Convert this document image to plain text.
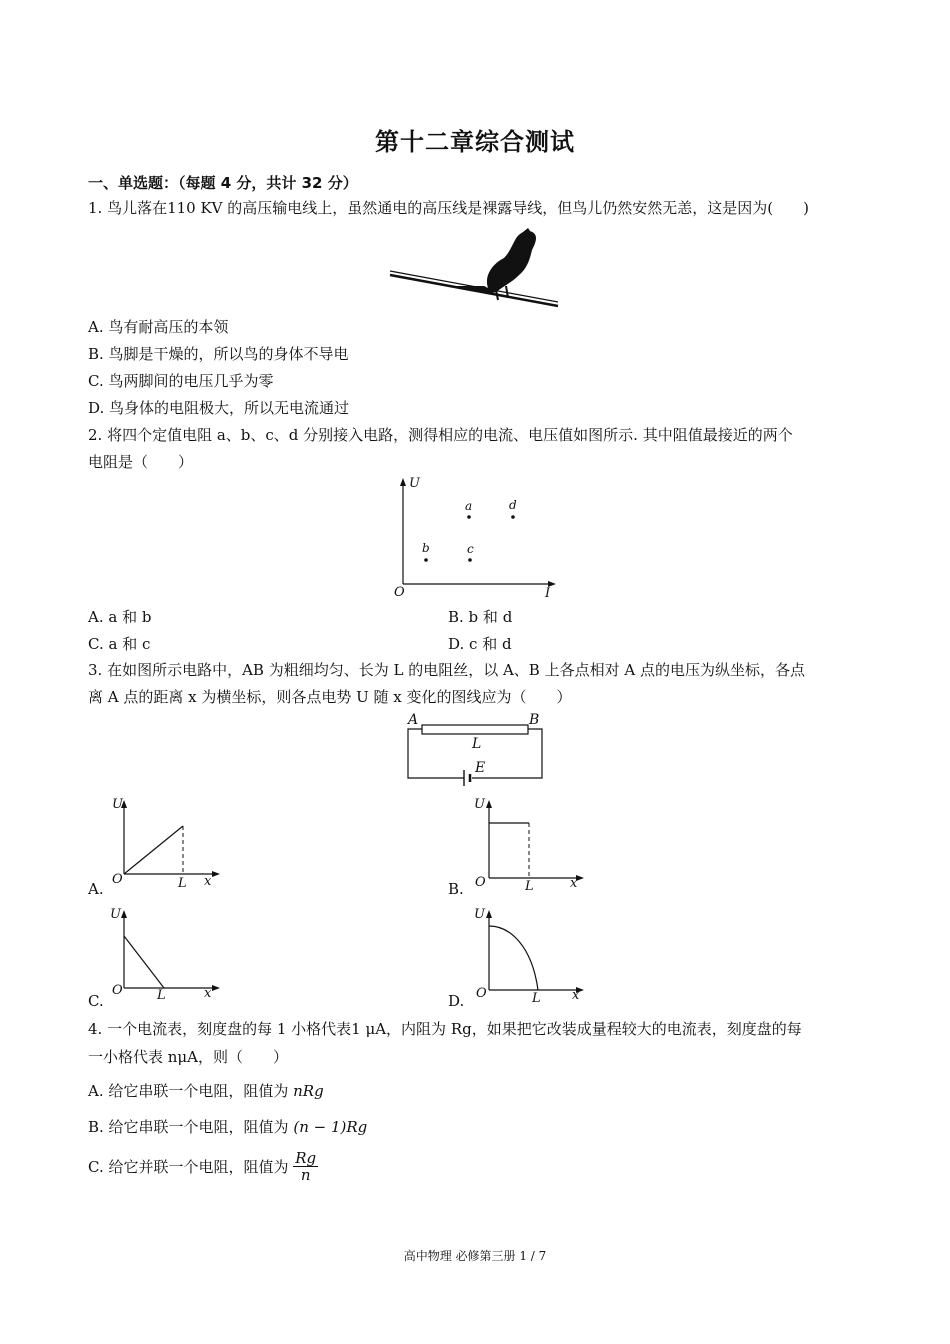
第十二章综合测试
一、单选题：（每题 4 分，共计 32 分）
1. 鸟儿落在110 KV 的高压输电线上，虽然通电的高压线是裸露导线，但鸟儿仍然安然无恙，这是因为(　　)
A. 鸟有耐高压的本领
B. 鸟脚是干燥的，所以鸟的身体不导电
C. 鸟两脚间的电压几乎为零
D. 鸟身体的电阻极大，所以无电流通过
2. 将四个定值电阻 a、b、c、d 分别接入电路，测得相应的电流、电压值如图所示. 其中阻值最接近的两个
电阻是（　　）
U
I
O
a	d
b	c
A. a 和 b	B. b 和 d
C. a 和 c	D. c 和 d
3. 在如图所示电路中，AB 为粗细均匀、长为 L 的电阻丝，以 A、B 上各点相对 A 点的电压为纵坐标，各点
离 A 点的距离 x 为横坐标，则各点电势 U 随 x 变化的图线应为（　　）
A	B
L
E
U
O	L x
A.
U
O	L	x
B.
U
O	L	x
C.
U
O	L x
D.
4. 一个电流表，刻度盘的每 1 小格代表1 μA，内阻为 Rg，如果把它改装成量程较大的电流表，刻度盘的每
一小格代表 nμA，则（　　）
A. 给它串联一个电阻，阻值为 nRg
B. 给它串联一个电阻，阻值为 (n − 1)Rg
C. 给它并联一个电阻，阻值为 $\frac{Rg}{n}$
高中物理 必修第三册 1 / 7
